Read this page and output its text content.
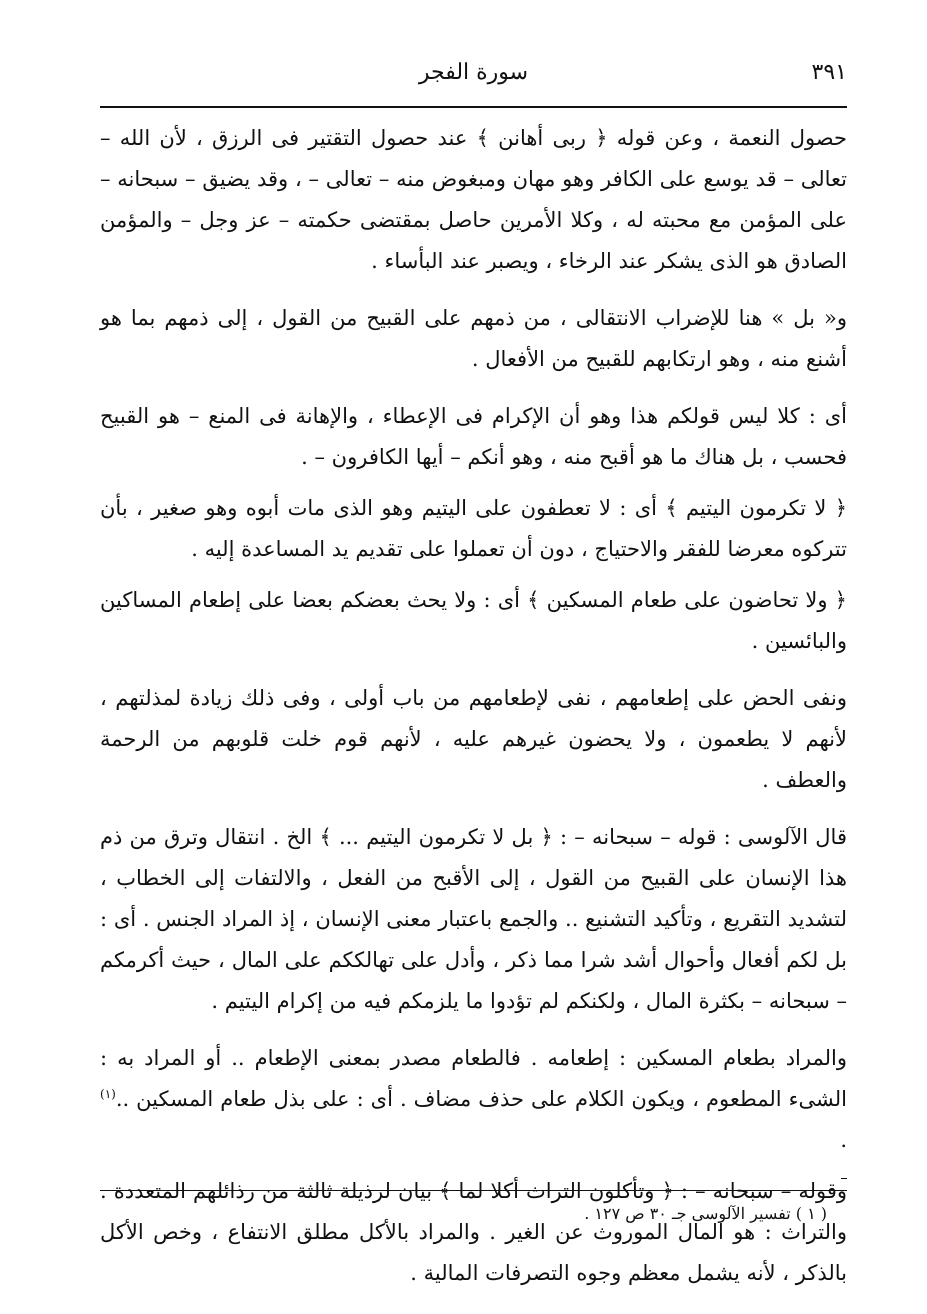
٣٩١
سورة الفجر

حصول النعمة ، وعن قوله ﴿ ربى أهانن ﴾ عند حصول التقتير فى الرزق ، لأن الله – تعالى – قد يوسع على الكافر وهو مهان ومبغوض منه – تعالى – ، وقد يضيق – سبحانه – على المؤمن مع محبته له ، وكلا الأمرين حاصل بمقتضى حكمته – عز وجل – والمؤمن الصادق هو الذى يشكر عند الرخاء ، ويصبر عند البأساء .

و« بل » هنا للإضراب الانتقالى ، من ذمهم على القبيح من القول ، إلى ذمهم بما هو أشنع منه ، وهو ارتكابهم للقبيح من الأفعال .

أى : كلا ليس قولكم هذا وهو أن الإكرام فى الإعطاء ، والإهانة فى المنع – هو القبيح فحسب ، بل هناك ما هو أقبح منه ، وهو أنكم – أيها الكافرون – .

﴿ لا تكرمون اليتيم ﴾ أى : لا تعطفون على اليتيم وهو الذى مات أبوه وهو صغير ، بأن تتركوه معرضا للفقر والاحتياج ، دون أن تعملوا على تقديم يد المساعدة إليه .

﴿ ولا تحاضون على طعام المسكين ﴾ أى : ولا يحث بعضكم بعضا على إطعام المساكين والبائسين .

ونفى الحض على إطعامهم ، نفى لإطعامهم من باب أولى ، وفى ذلك زيادة لمذلتهم ، لأنهم لا يطعمون ، ولا يحضون غيرهم عليه ، لأنهم قوم خلت قلوبهم من الرحمة والعطف .

قال الآلوسى : قوله – سبحانه – : ﴿ بل لا تكرمون اليتيم ... ﴾ الخ . انتقال وترق من ذم هذا الإنسان على القبيح من القول ، إلى الأقبح من الفعل ، والالتفات إلى الخطاب ، لتشديد التقريع ، وتأكيد التشنيع .. والجمع باعتبار معنى الإنسان ، إذ المراد الجنس . أى : بل لكم أفعال وأحوال أشد شرا مما ذكر ، وأدل على تهالككم على المال ، حيث أكرمكم – سبحانه – بكثرة المال ، ولكنكم لم تؤدوا ما يلزمكم فيه من إكرام اليتيم .

والمراد بطعام المسكين : إطعامه . فالطعام مصدر بمعنى الإطعام .. أو المراد به : الشىء المطعوم ، ويكون الكلام على حذف مضاف . أى : على بذل طعام المسكين ..$^{(١)}$ .

وقوله – سبحانه – : ﴿ وتأكلون التراث أكلا لما ﴾ بيان لرذيلة ثالثة من رذائلهم المتعددة . والتراث : هو المال الموروث عن الغير . والمراد بالأكل مطلق الانتفاع ، وخص الأكل بالذكر ، لأنه يشمل معظم وجوه التصرفات المالية .

( ١ ) تفسير الآلوسى جـ ٣٠ ص ١٢٧ .
